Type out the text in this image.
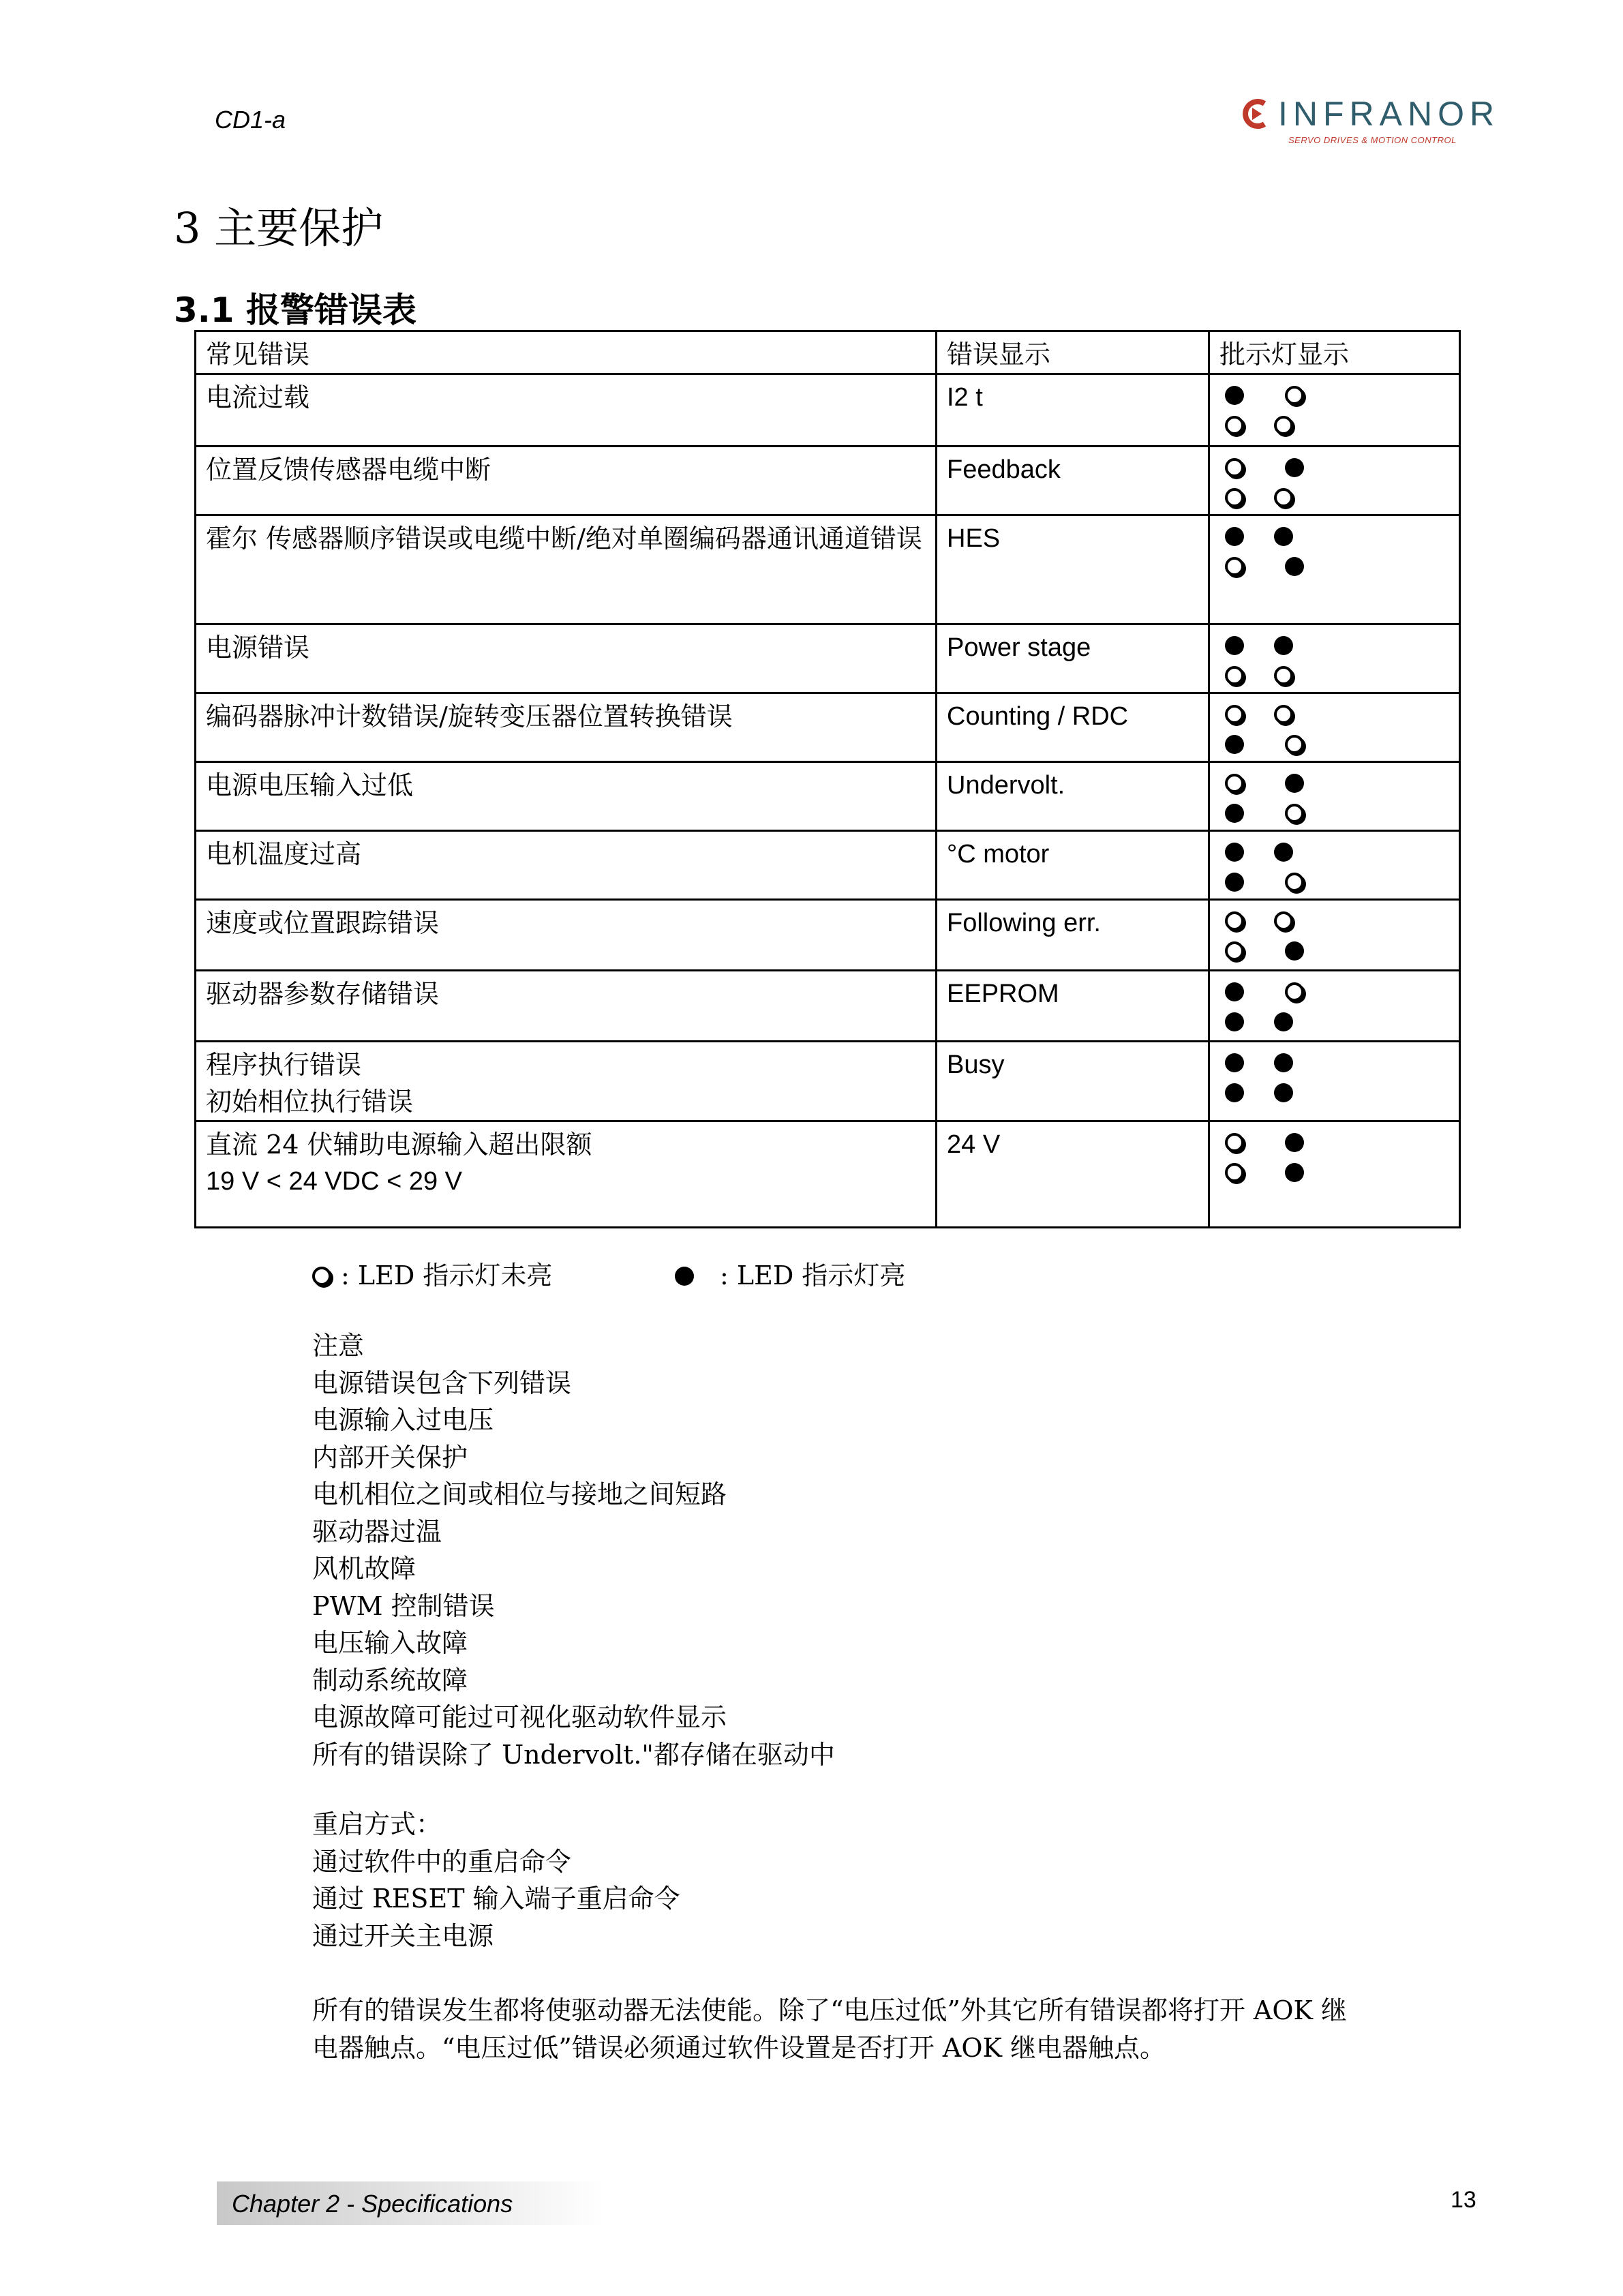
CD1-a	INFRANOR
SERVO DRIVES & MOTION CONTROL
3 主要保护
3.1 报警错误表
常见错误	错误显示	批示灯显示

电流过载	I2 t	

位置反馈传感器电缆中断	Feedback	

霍尔 传感器顺序错误或电缆中断/绝对单圈编码器通讯通道错误	HES	

电源错误	Power stage	

编码器脉冲计数错误/旋转变压器位置转换错误	Counting / RDC	

电源电压输入过低	Undervolt.	

电机温度过高	°C motor	

速度或位置跟踪错误	Following err.	

驱动器参数存储错误	EEPROM	

程序执行错误
初始相位执行错误	Busy	

直流 24 伏辅助电源输入超出限额
19 V < 24 VDC < 29 V	24 V	
: LED 指示灯未亮	: LED 指示灯亮
注意
电源错误包含下列错误
电源输入过电压
内部开关保护
电机相位之间或相位与接地之间短路
驱动器过温
风机故障
PWM 控制错误
电压输入故障
制动系统故障
电源故障可能过可视化驱动软件显示
所有的错误除了 Undervolt."都存储在驱动中
重启方式：
通过软件中的重启命令
通过 RESET 输入端子重启命令
通过开关主电源
所有的错误发生都将使驱动器无法使能。除了“电压过低”外其它所有错误都将打开 AOK 继
电器触点。“电压过低”错误必须通过软件设置是否打开 AOK 继电器触点。
Chapter 2 - Specifications	13
